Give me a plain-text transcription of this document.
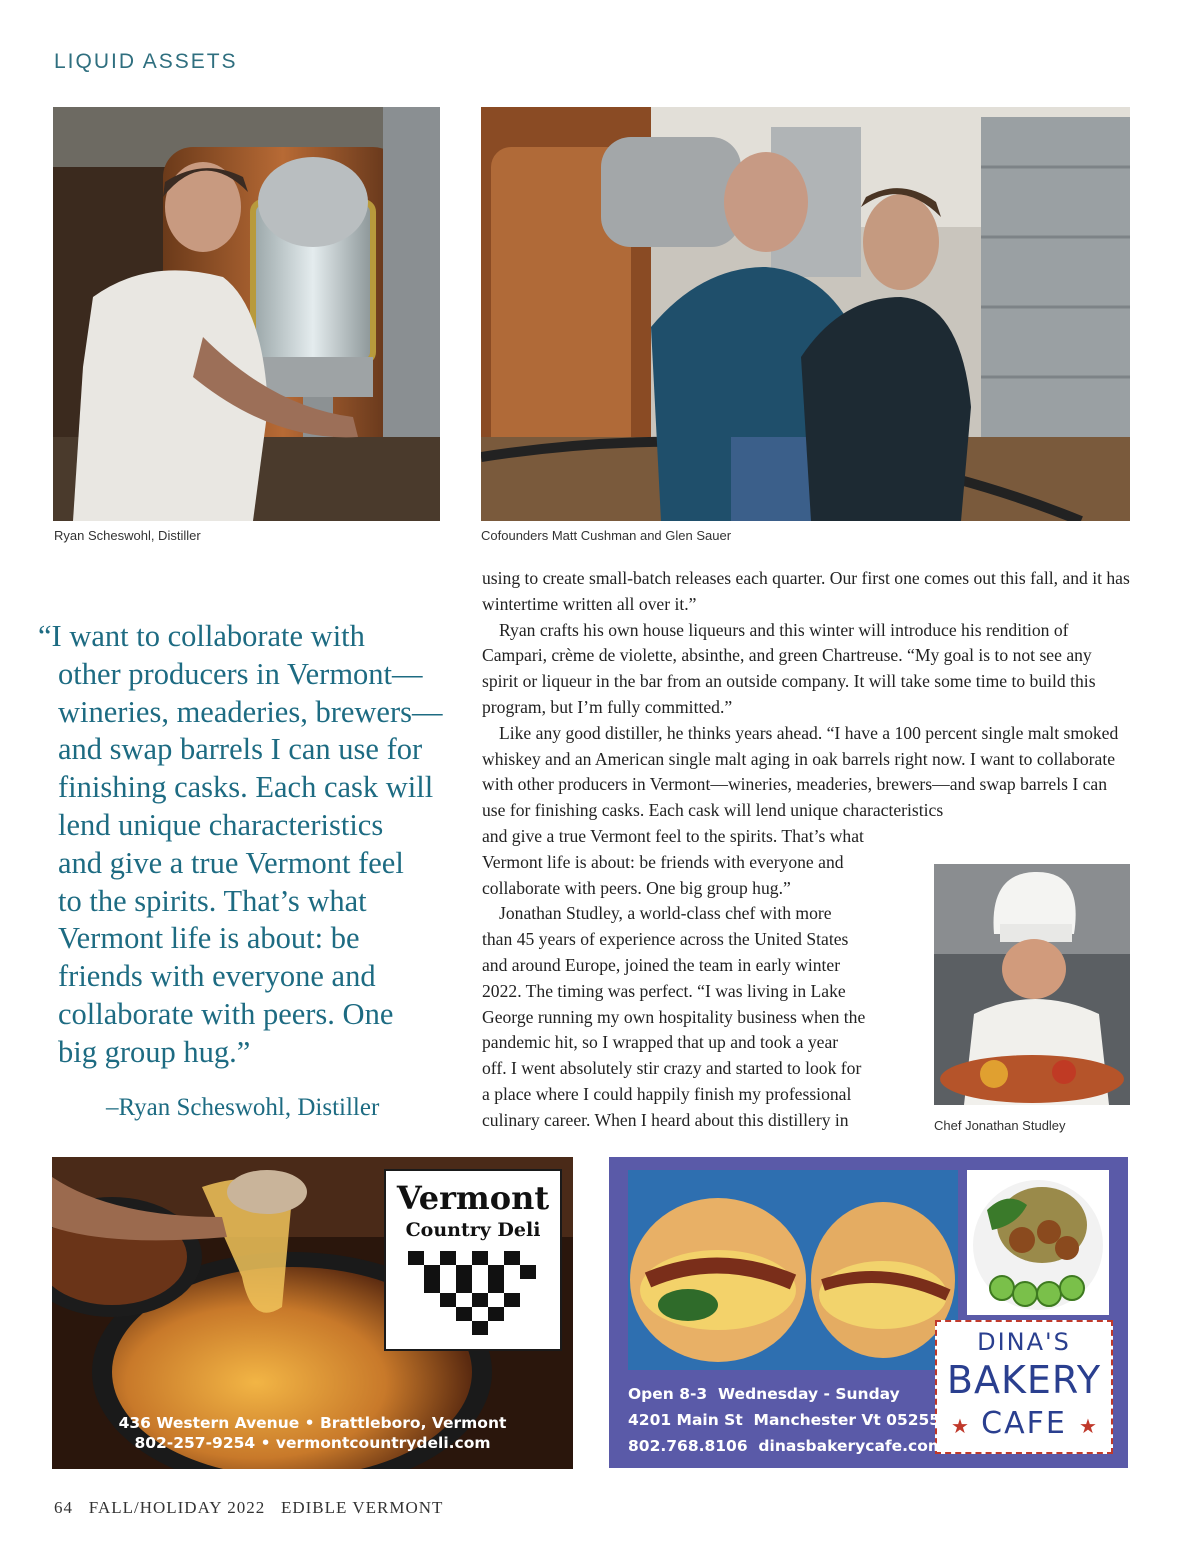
LIQUID ASSETS
Ryan Scheswohl, Distiller	Cofounders Matt Cushman and Glen Sauer
“I want to collaborate with
other producers in Vermont—
wineries, meaderies, brewers—
and swap barrels I can use for
finishing casks. Each cask will
lend unique characteristics
and give a true Vermont feel
to the spirits. That’s what
Vermont life is about: be
friends with everyone and
collaborate with peers. One
big group hug.”
–Ryan Scheswohl, Distiller

using to create small-batch releases each quarter. Our first one comes out this fall, and it has wintertime written all over it.”

Ryan crafts his own house liqueurs and this winter will introduce his rendition of Campari, crème de violette, absinthe, and green Chartreuse. “My goal is to not see any spirit or liqueur in the bar from an outside company. It will take some time to build this program, but I’m fully committed.”

Like any good distiller, he thinks years ahead. “I have a 100 percent single malt smoked whiskey and an American single malt aging in oak barrels right now. I want to collaborate with other producers in Vermont—wineries, meaderies, brewers—and swap barrels I can use for finishing casks. Each cask will lend unique characteristics

and give a true Vermont feel to the spirits. That’s what
Vermont life is about: be friends with everyone and
collaborate with peers. One big group hug.”

Jonathan Studley, a world-class chef with more
than 45 years of experience across the United States
and around Europe, joined the team in early winter
2022. The timing was perfect. “I was living in Lake
George running my own hospitality business when the
pandemic hit, so I wrapped that up and took a year
off. I went absolutely stir crazy and started to look for
a place where I could happily finish my professional
culinary career. When I heard about this distillery in	Chef Jonathan Studley
Vermont
Country Deli
436 Western Avenue • Brattleboro, Vermont
802-257-9254 • vermontcountrydeli.com
DINA'S
BAKERY
CAFE
★	★
Open 8-3  Wednesday - Sunday
4201 Main St  Manchester Vt 05255
802.768.8106  dinasbakerycafe.com
64   FALL/HOLIDAY 2022   EDIBLE VERMONT
